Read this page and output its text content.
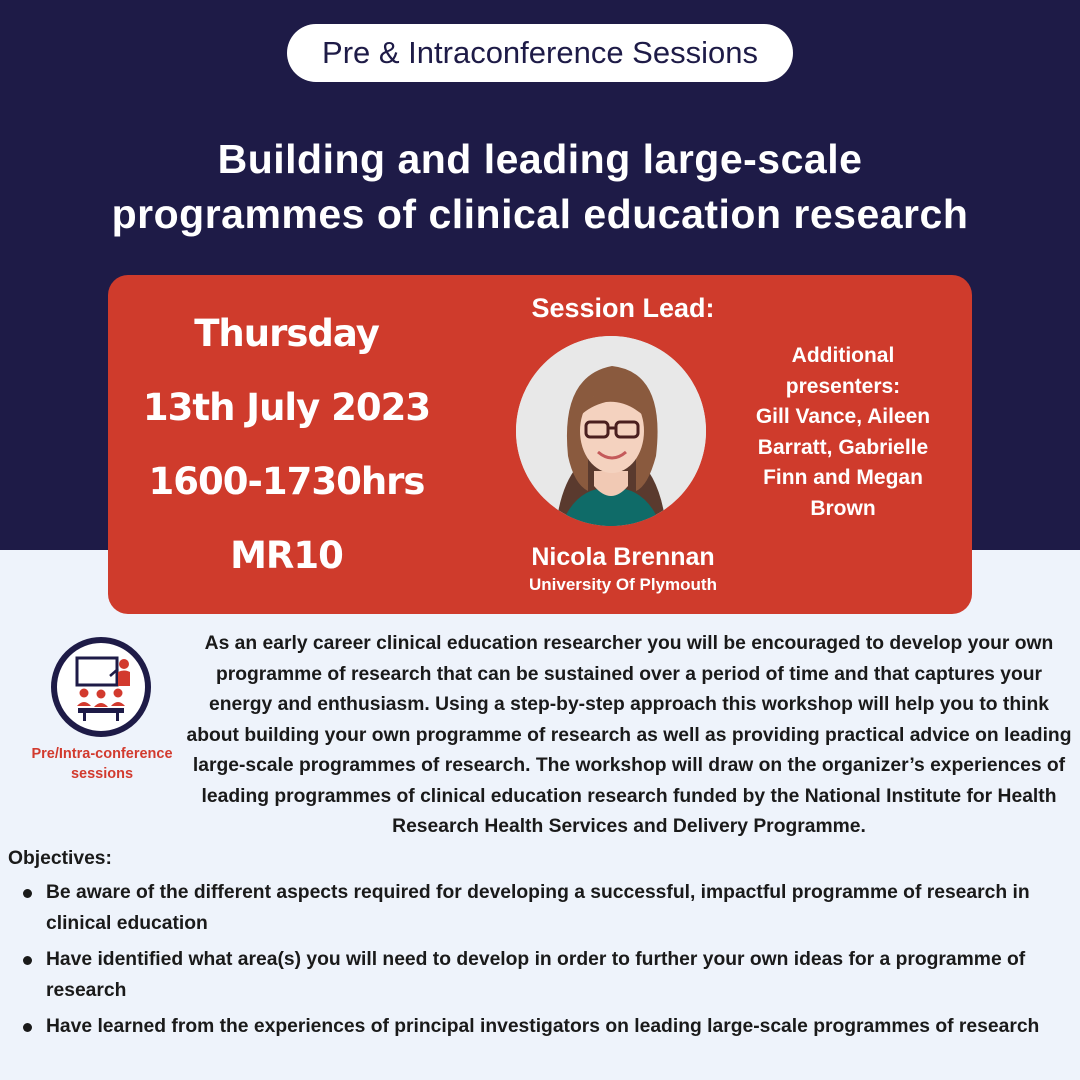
Pre & Intraconference Sessions
Building and leading large-scale
programmes of clinical education research
Thursday
13th July 2023
1600-1730hrs
MR10
Session Lead:
Nicola Brennan
University Of Plymouth
Additional
presenters:
Gill Vance, Aileen
Barratt, Gabrielle
Finn and Megan
Brown
Pre/Intra-conference
sessions

As an early career clinical education researcher you will be encouraged to develop your own programme of research that can be sustained over a period of time and that captures your energy and enthusiasm. Using a step-by-step approach this workshop will help you to think about building your own programme of research as well as providing practical advice on leading large-scale programmes of research. The workshop will draw on the organizer’s experiences of leading programmes of clinical education research funded by the National Institute for Health Research Health Services and Delivery Programme.

Objectives:
Be aware of the different aspects required for developing a successful, impactful programme of research in clinical education
Have identified what area(s) you will need to develop in order to further your own ideas for a programme of research
Have learned from the experiences of principal investigators on leading large-scale programmes of research
